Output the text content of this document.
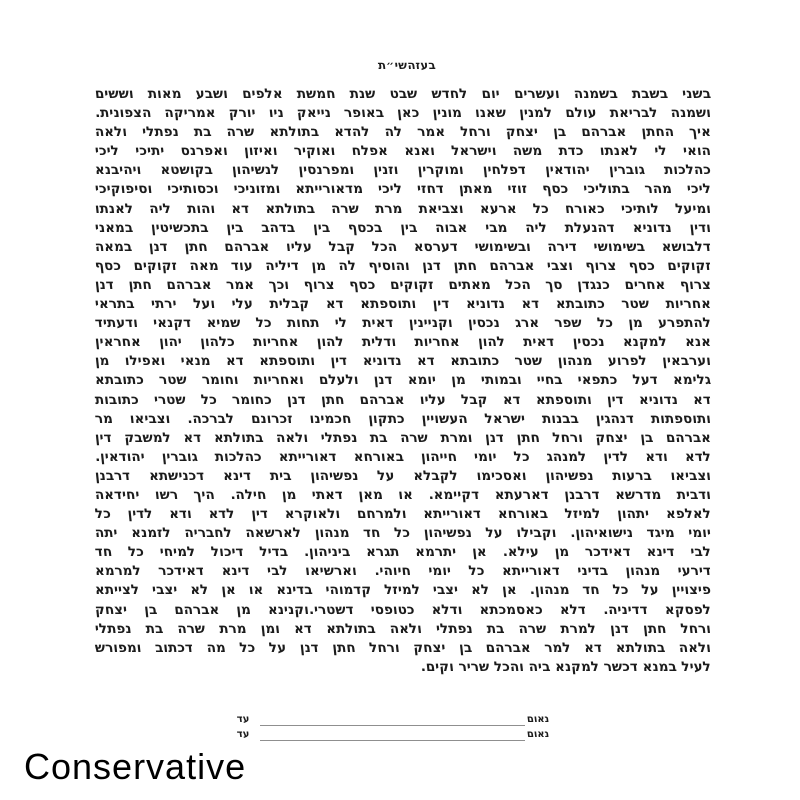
בעזהשי״ת
בשני בשבת בשמנה ועשרים יום לחדש שבט שנת חמשת אלפים ושבע מאות וששים
ושמנה לבריאת עולם למנין שאנו מונין כאן באופר נייאק ניו יורק אמריקה הצפונית.
איך החתן אברהם בן יצחק ורחל אמר לה להדא בתולתא שרה בת נפתלי ולאה
הואי לי לאנתו כדת משה וישראל ואנא אפלח ואוקיר ואיזון ואפרנס יתיכי ליכי
כהלכות גוברין יהודאין דפלחין ומוקרין וזנין ומפרנסין לנשיהון בקושטא ויהיבנא
ליכי מהר בתוליכי כסף זוזי מאתן דחזי ליכי מדאורייתא ומזוניכי וכסותיכי וסיפוקיכי
ומיעל לותיכי כאורח כל ארעא וצביאת מרת שרה בתולתא דא והות ליה לאנתו
ודין נדוניא דהנעלת ליה מבי אבוה בין בכסף בין בדהב בין בתכשיטין במאני
דלבושא בשימושי דירה ובשימושי דערסא הכל קבל עליו אברהם חתן דנן במאה
זקוקים כסף צרוף וצבי אברהם חתן דנן והוסיף לה מן דיליה עוד מאה זקוקים כסף
צרוף אחרים כנגדן סך הכל מאתים זקוקים כסף צרוף וכך אמר אברהם חתן דנן
אחריות שטר כתובתא דא נדוניא דין ותוספתא דא קבלית עלי ועל ירתי בתראי
להתפרע מן כל שפר ארג נכסין וקניינין דאית לי תחות כל שמיא דקנאי ודעתיד
אנא למקנא נכסין דאית להון אחריות ודלית להון אחריות כלהון יהון אחראין
וערבאין לפרוע מנהון שטר כתובתא דא נדוניא דין ותוספתא דא מנאי ואפילו מן
גלימא דעל כתפאי בחיי ובמותי מן יומא דנן ולעלם ואחריות וחומר שטר כתובתא
דא נדוניא דין ותוספתא דא קבל עליו אברהם חתן דנן כחומר כל שטרי כתובות
ותוספתות דנהגין בבנות ישראל העשויין כתקון חכמינו זכרונם לברכה. וצביאו מר
אברהם בן יצחק ורחל חתן דנן ומרת שרה בת נפתלי ולאה בתולתא דא למשבק דין
לדא ודא לדין למנהג כל יומי חייהון באורחא דאורייתא כהלכות גוברין יהודאין.
וצביאו ברעות נפשיהון ואסכימו לקבלא על נפשיהון בית דינא דכנישתא דרבנן
ודבית מדרשא דרבנן דארעתא דקיימא. או מאן דאתי מן חילה. היך רשו יחידאה
לאלפא יתהון למיזל באורחא דאורייתא ולמרחם ולאוקרא דין לדא ודא לדין כל
יומי מיגד נישואיהון. וקבילו על נפשיהון כל חד מנהון לארשאה לחבריה לזמנא יתה
לבי דינא דאידכר מן עילא. אן יתרמא תגרא ביניהון. בדיל דיכול למיחי כל חד
דירעי מנהון בדיני דאורייתא כל יומי חיוהי. וארשיאו לבי דינא דאידכר למרמא
פיצויין על כל חד מנהון. אן לא יצבי למיזל קדמוהי בדינא או אן לא יצבי לצייתא
לפסקא דדיניה. דלא כאסמכתא ודלא כטופסי דשטרי.וקנינא מן אברהם בן יצחק
ורחל חתן דנן למרת שרה בת נפתלי ולאה בתולתא דא ומן מרת שרה בת נפתלי
ולאה בתולתא דא למר אברהם בן יצחק ורחל חתן דנן על כל מה דכתוב ומפורש
לעיל במנא דכשר למקנא ביה והכל שריר וקים.
נאום
עד
נאום
עד
Conservative
